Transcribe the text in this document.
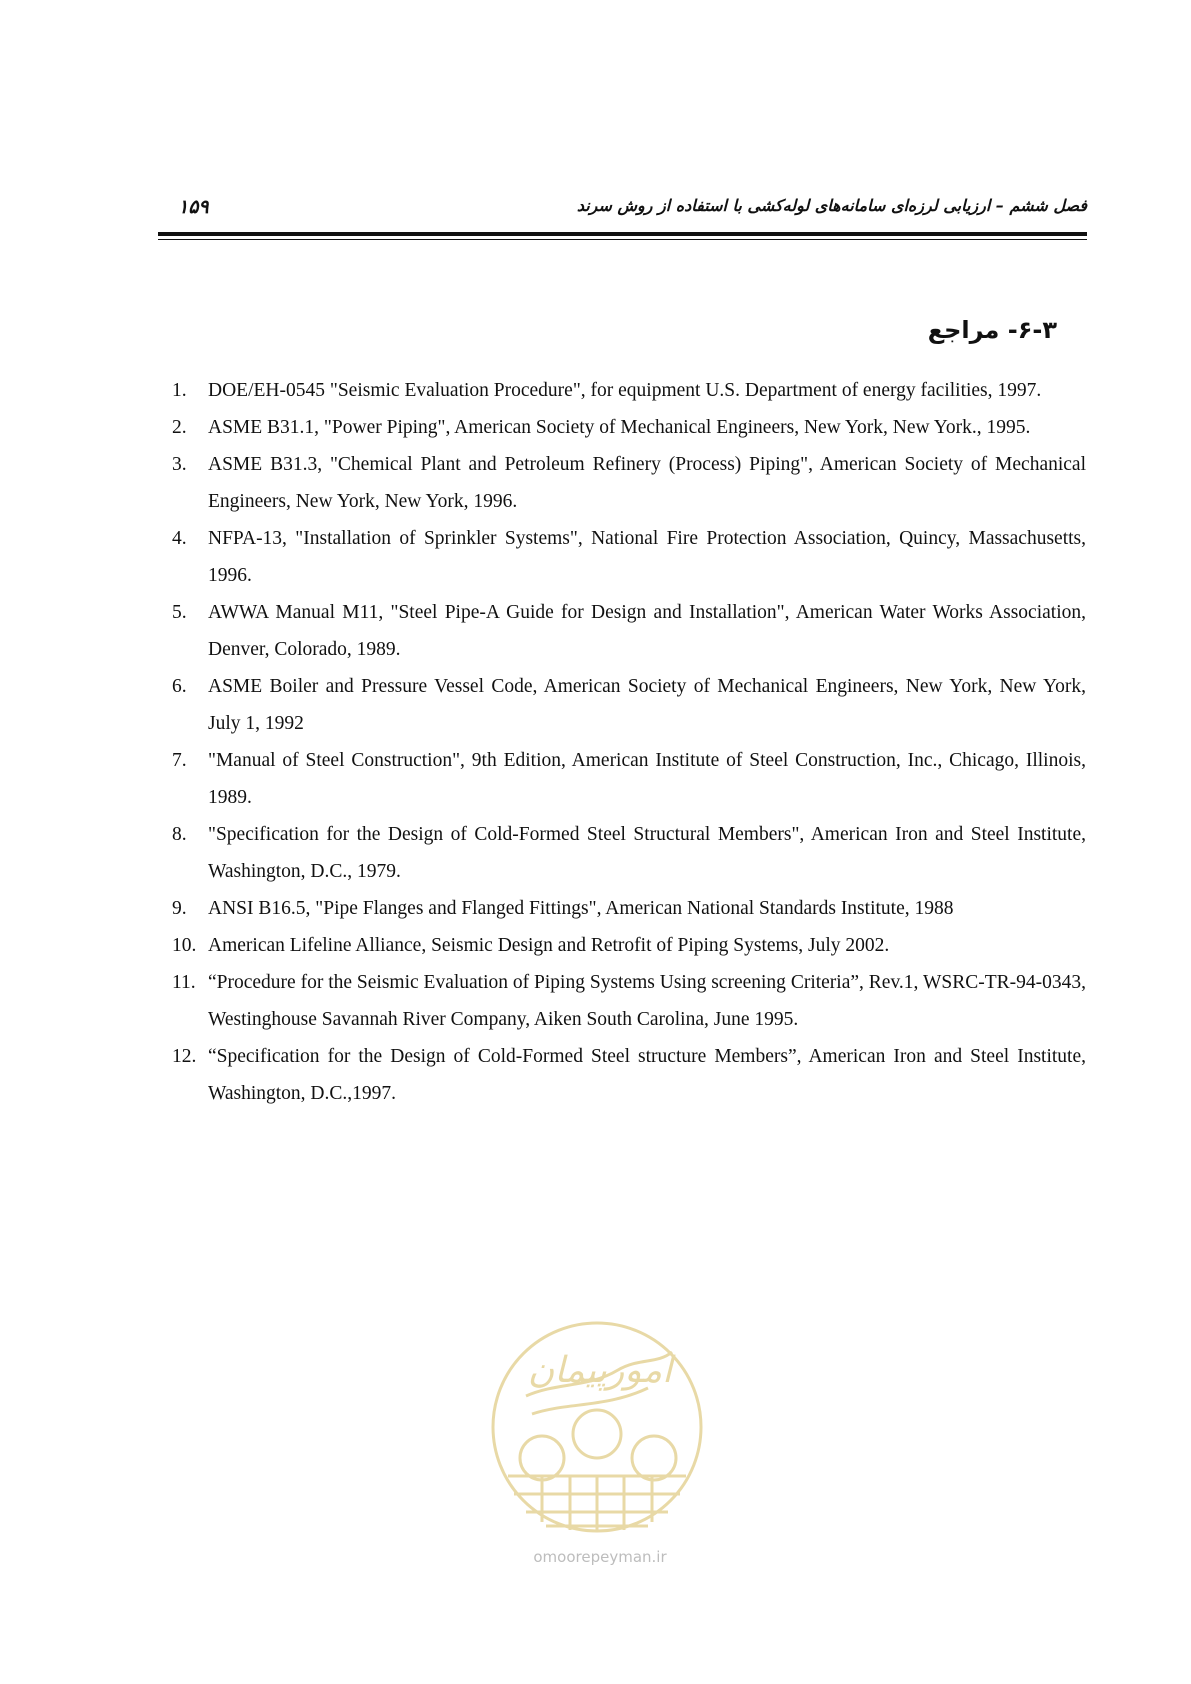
۱۵۹	فصل ششم – ارزیابی لرزه‌ای سامانه‌های لوله‌کشی با استفاده از روش سرند
۶-۳- مراجع
1. DOE/EH-0545 "Seismic Evaluation Procedure", for equipment U.S. Department of energy facilities, 1997.
2. ASME B31.1, "Power Piping", American Society of Mechanical Engineers, New York, New York., 1995.
3. ASME B31.3, "Chemical Plant and Petroleum Refinery (Process) Piping", American Society of Mechanical Engineers, New York, New York, 1996.
4. NFPA-13, "Installation of Sprinkler Systems", National Fire Protection Association, Quincy, Massachusetts, 1996.
5. AWWA Manual M11, "Steel Pipe-A Guide for Design and Installation", American Water Works Association, Denver, Colorado, 1989.
6. ASME Boiler and Pressure Vessel Code, American Society of Mechanical Engineers, New York, New York, July 1, 1992
7. "Manual of Steel Construction", 9th Edition, American Institute of Steel Construction, Inc., Chicago, Illinois, 1989.
8. "Specification for the Design of Cold-Formed Steel Structural Members", American Iron and Steel Institute, Washington, D.C., 1979.
9. ANSI B16.5, "Pipe Flanges and Flanged Fittings", American National Standards Institute, 1988
10. American Lifeline Alliance, Seismic Design and Retrofit of Piping Systems, July 2002.
11. “Procedure for the Seismic Evaluation of Piping Systems Using screening Criteria”, Rev.1, WSRC-TR-94-0343, Westinghouse Savannah River Company, Aiken South Carolina, June 1995.
12. “Specification for the Design of Cold-Formed Steel structure Members”, American Iron and Steel Institute, Washington, D.C.,1997.
امورپیمان
omoorepeyman.ir
